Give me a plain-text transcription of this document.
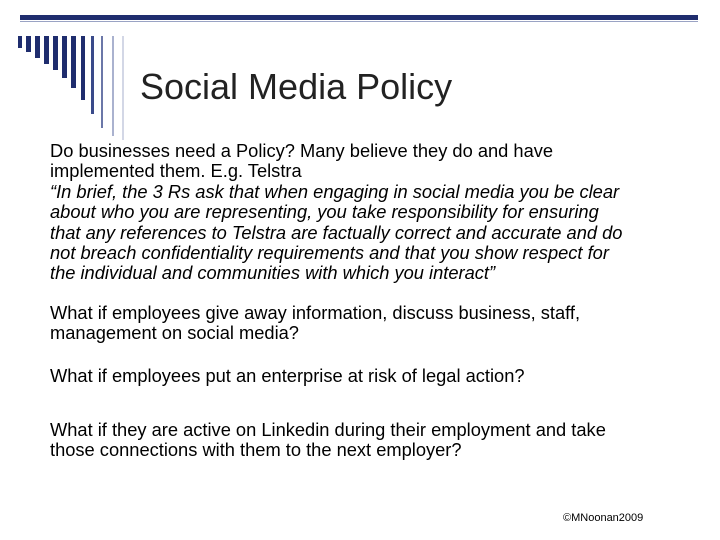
Social Media Policy

Do businesses need a Policy? Many believe they do and have

implemented them. E.g. Telstra

“In brief, the 3 Rs ask that when engaging in social media you be clear

about who you are representing, you take responsibility for ensuring

that any references to Telstra are factually correct and accurate and do

not breach confidentiality requirements and that you show respect for

the individual and communities with which you interact”

What if employees give away information, discuss business, staff,

management on social media?

What if employees put an enterprise at risk of legal action?

What if they are active on Linkedin during their employment and take

those connections with them to the next employer?

©MNoonan2009
